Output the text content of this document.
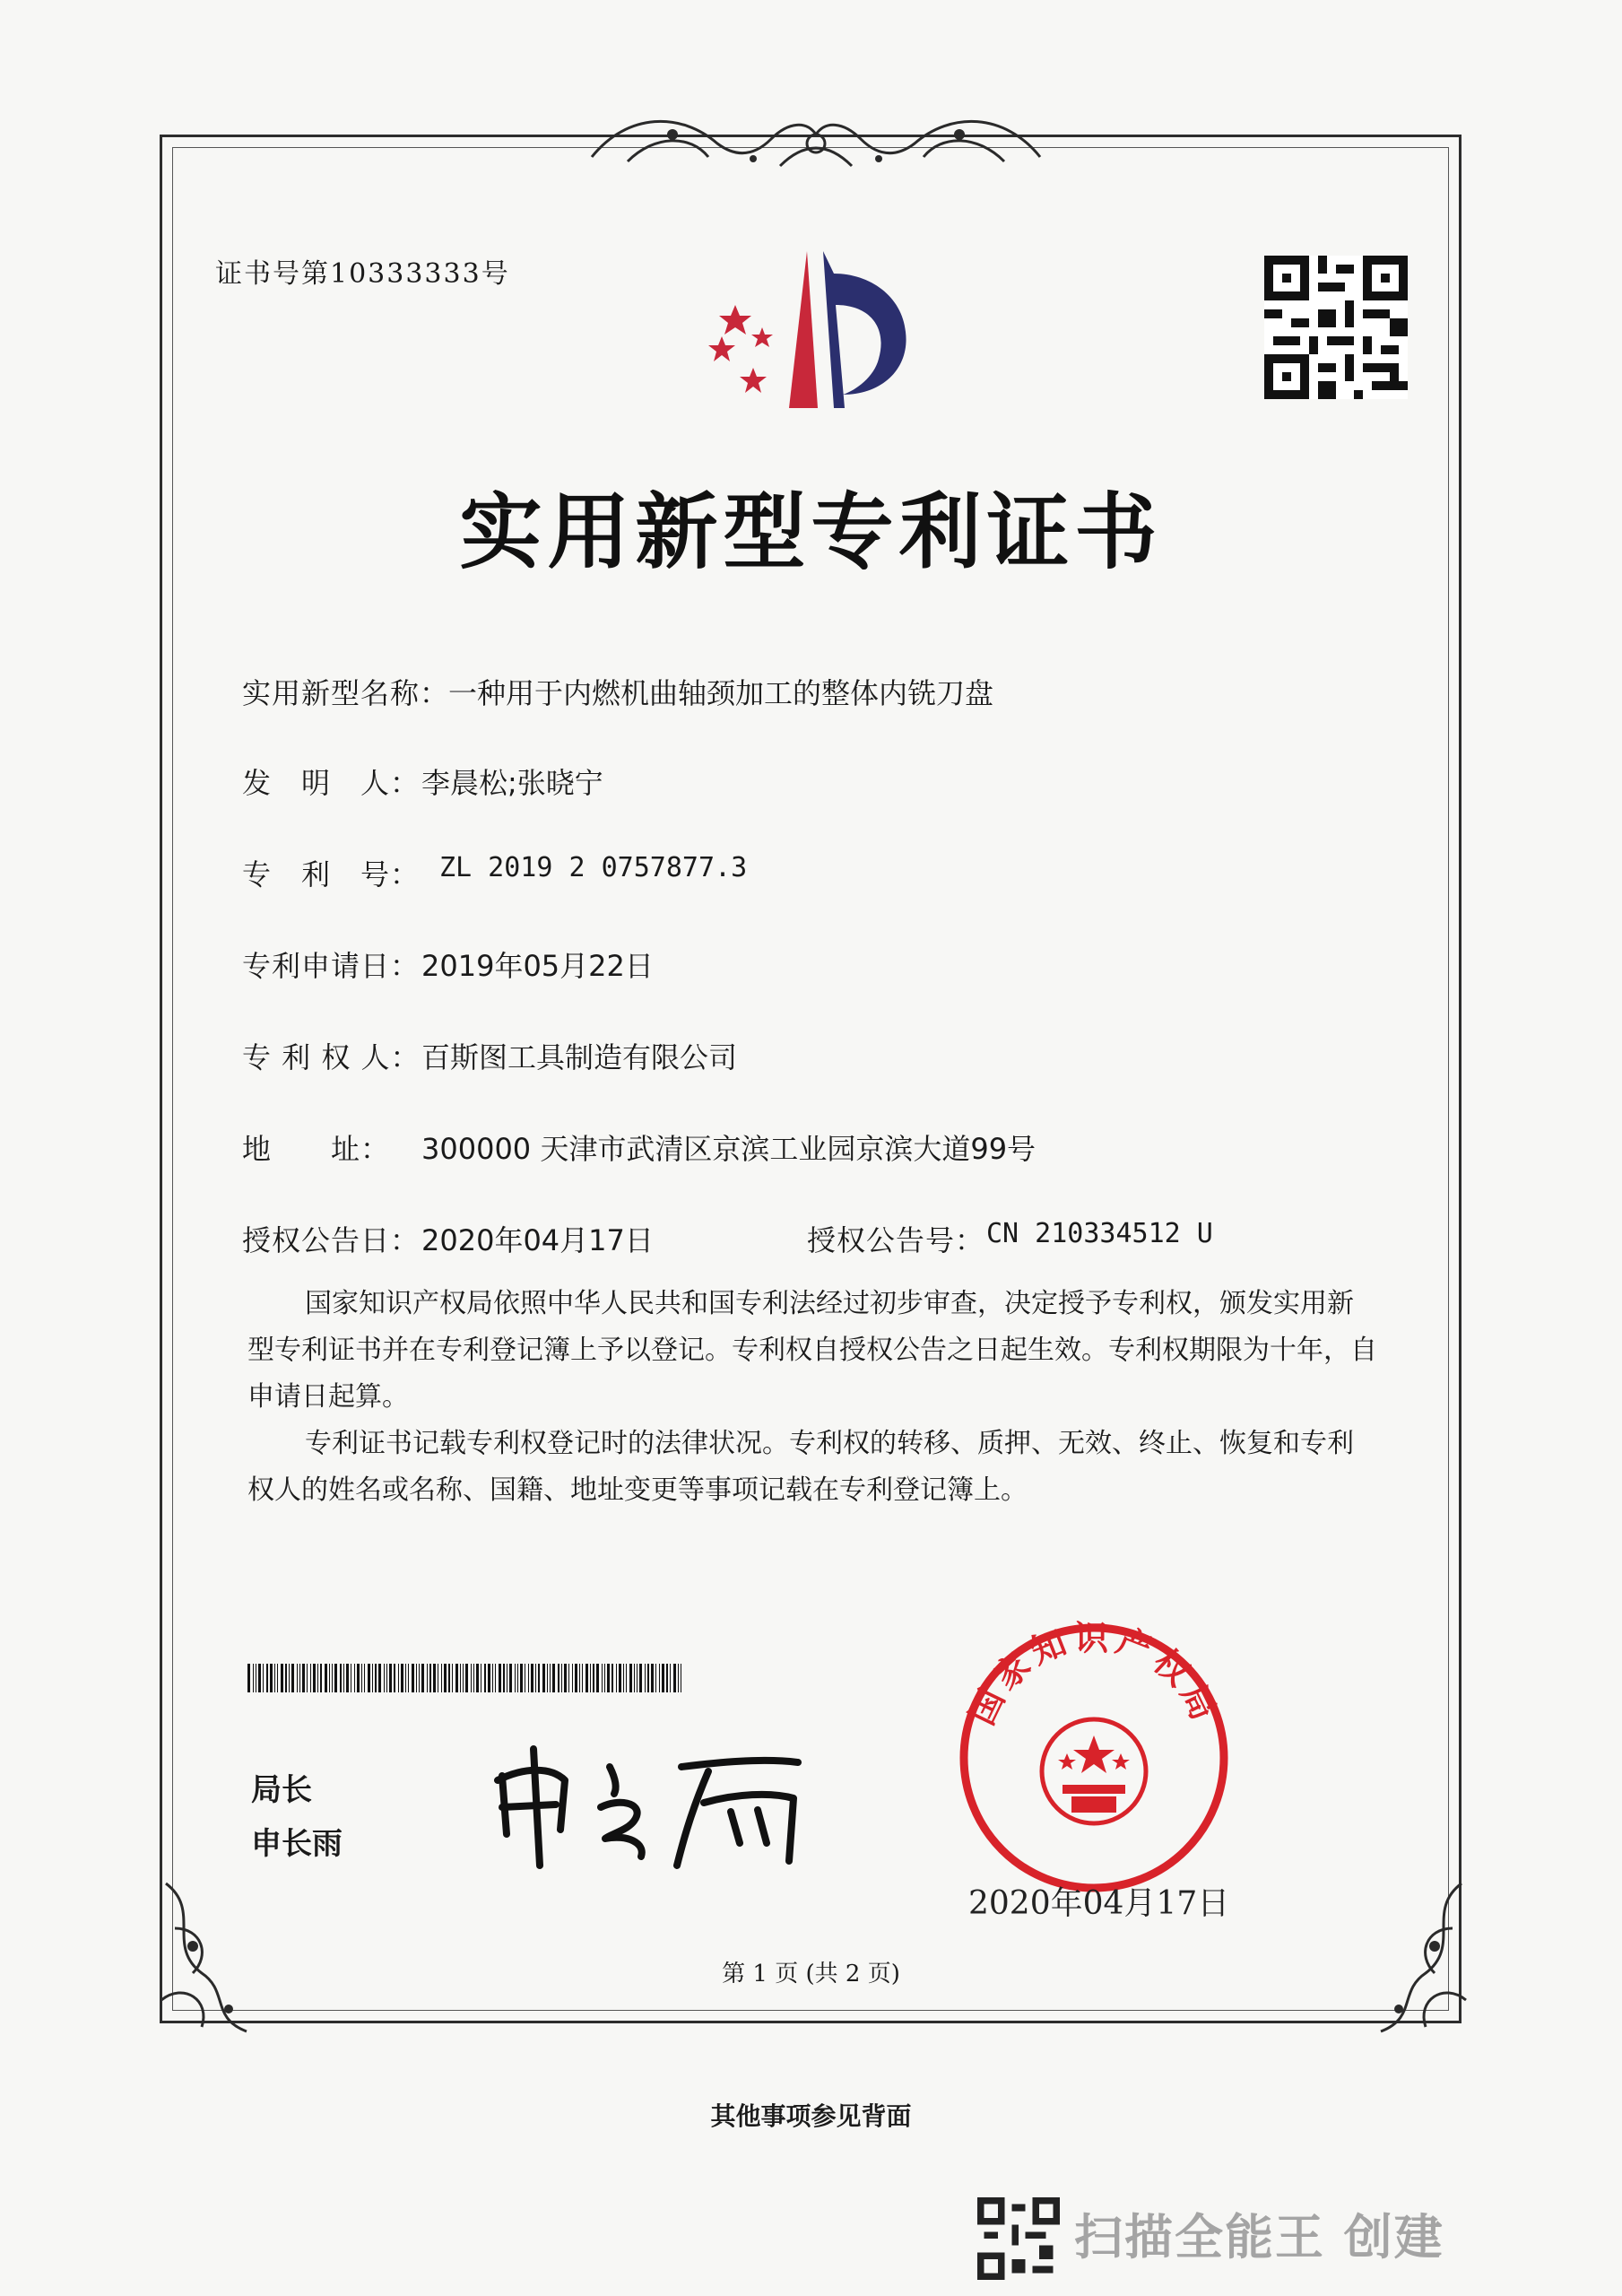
证书号第10333333号
实用新型专利证书
实用新型名称：
一种用于内燃机曲轴颈加工的整体内铣刀盘
发　明　人： 李晨松;张晓宁
专　利　号： ZL 2019 2 0757877.3
专利申请日： 2019年05月22日
专 利 权 人： 百斯图工具制造有限公司
地　　址： 300000 天津市武清区京滨工业园京滨大道99号
授权公告日： 2020年04月17日	授权公告号： CN 210334512 U
国家知识产权局依照中华人民共和国专利法经过初步审查，决定授予专利权，颁发实用新型专利证书并在专利登记簿上予以登记。专利权自授权公告之日起生效。专利权期限为十年，自申请日起算。
专利证书记载专利权登记时的法律状况。专利权的转移、质押、无效、终止、恢复和专利权人的姓名或名称、国籍、地址变更等事项记载在专利登记簿上。
局长
申长雨
国家知识产权局
2020年04月17日
第 1 页 (共 2 页)
其他事项参见背面
扫描全能王 创建
